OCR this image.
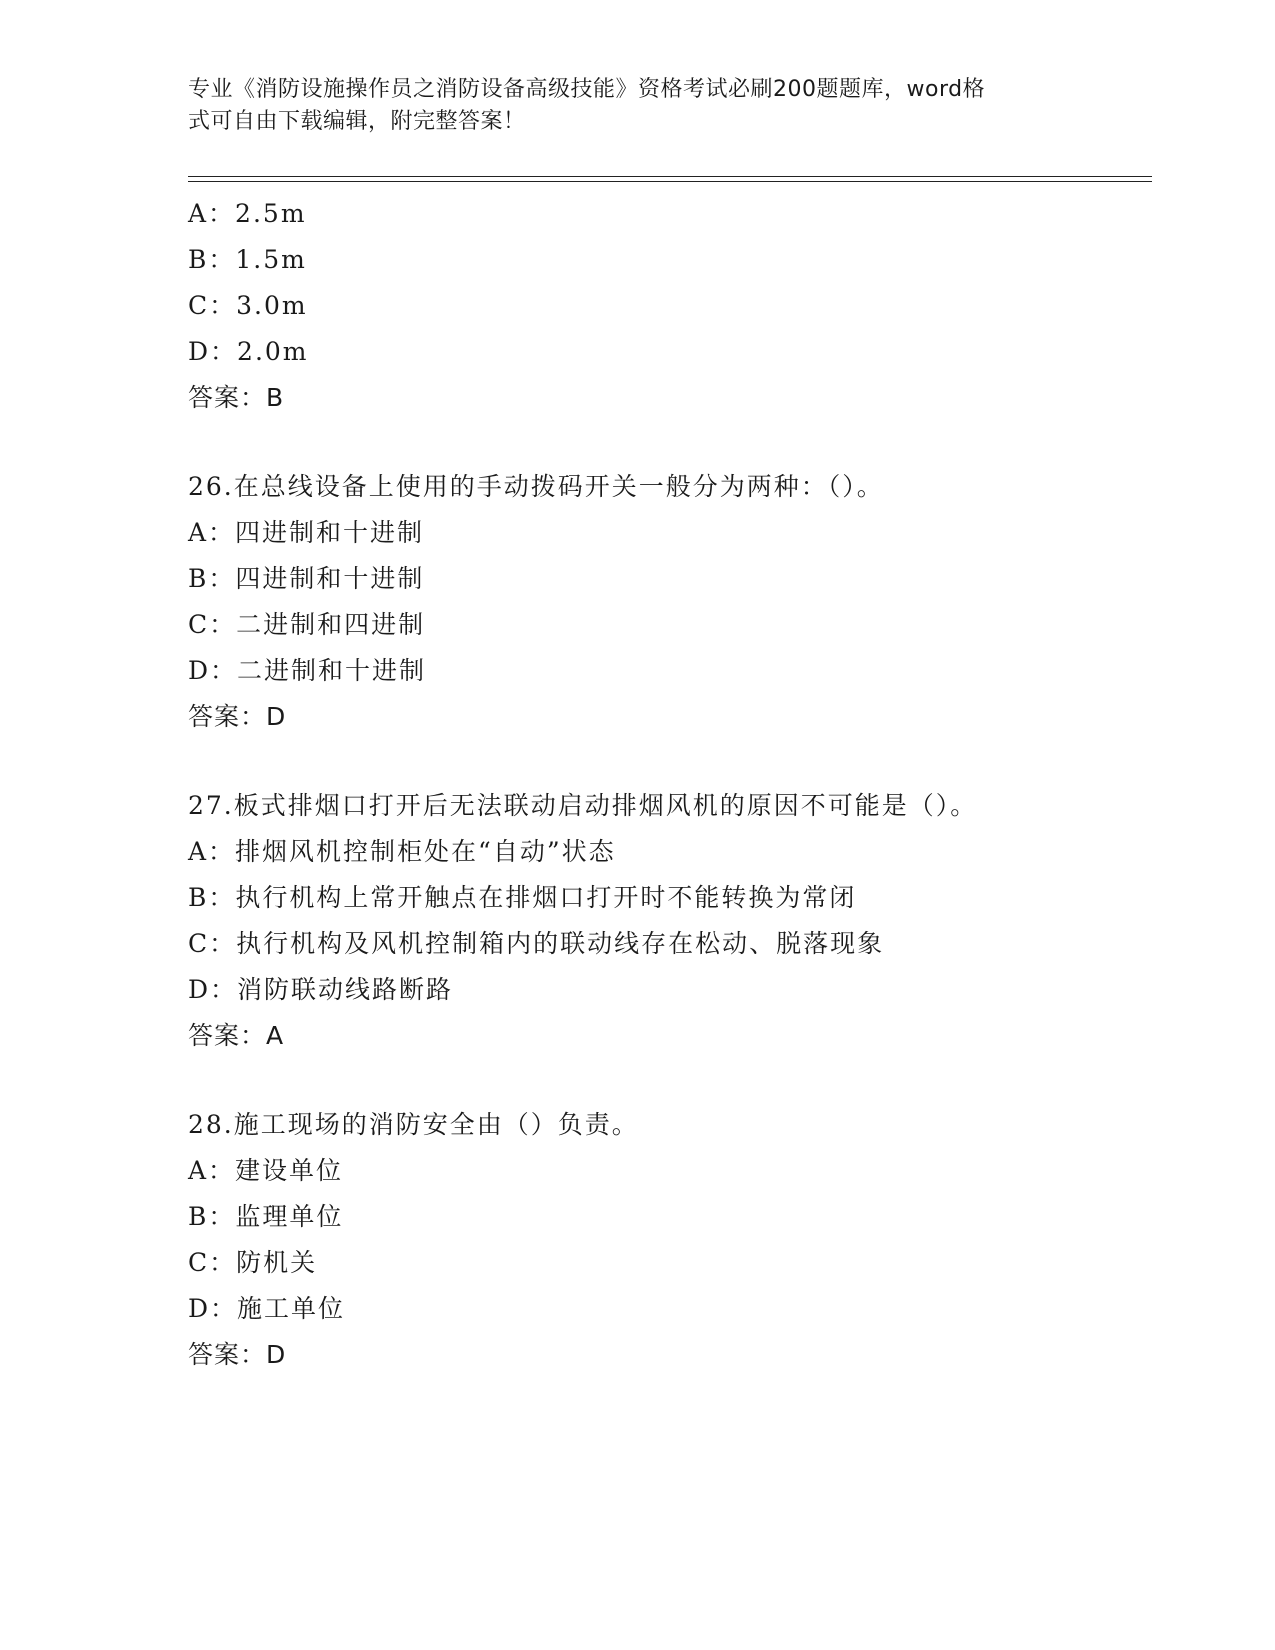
专业《消防设施操作员之消防设备高级技能》资格考试必刷200题题库，word格
式可自由下载编辑，附完整答案！
A：2.5m
B：1.5m
C：3.0m
D：2.0m
答案：B
26.在总线设备上使用的手动拨码开关一般分为两种：（）。
A：四进制和十进制
B：四进制和十进制
C：二进制和四进制
D：二进制和十进制
答案：D
27.板式排烟口打开后无法联动启动排烟风机的原因不可能是（）。
A：排烟风机控制柜处在“自动”状态
B：执行机构上常开触点在排烟口打开时不能转换为常闭
C：执行机构及风机控制箱内的联动线存在松动、脱落现象
D：消防联动线路断路
答案：A
28.施工现场的消防安全由（）负责。
A：建设单位
B：监理单位
C：防机关
D：施工单位
答案：D
